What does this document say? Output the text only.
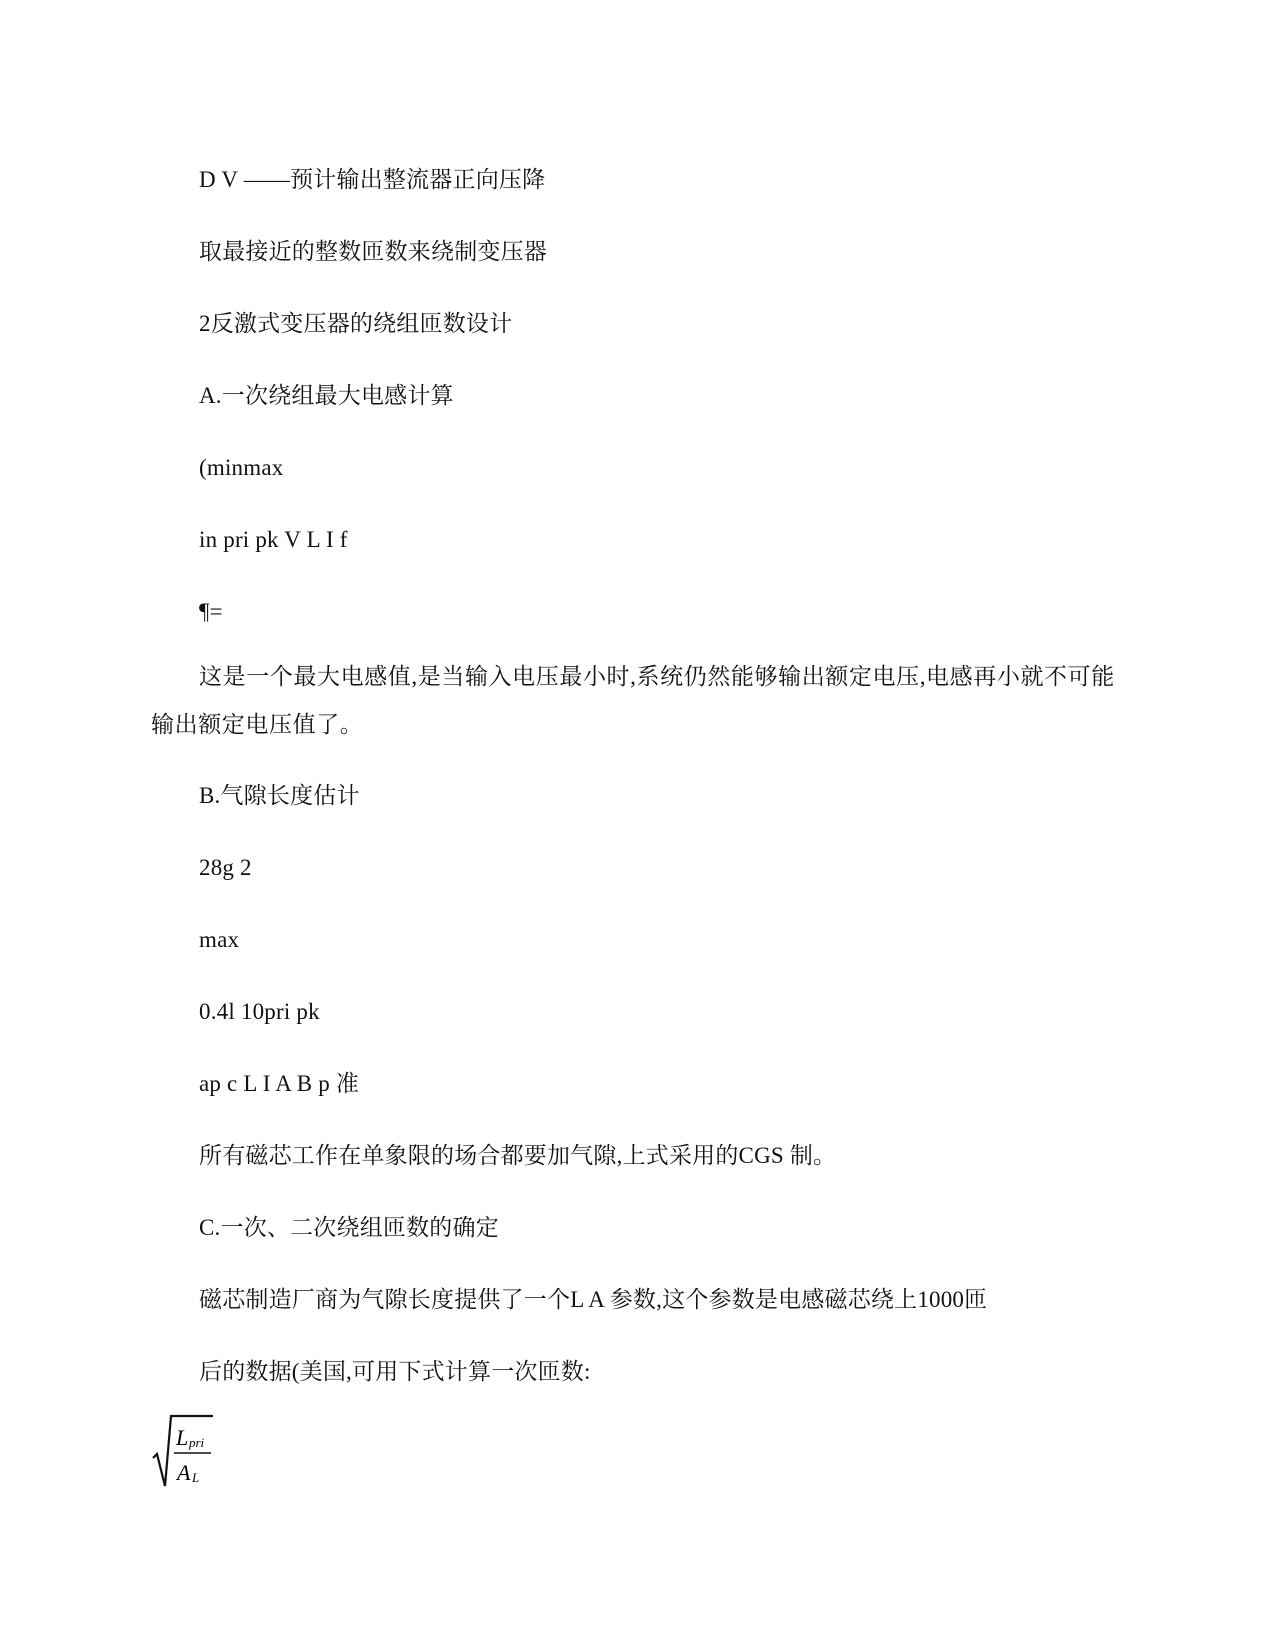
D V ——预计输出整流器正向压降
取最接近的整数匝数来绕制变压器
2反激式变压器的绕组匝数设计
A.一次绕组最大电感计算
(minmax
in pri pk V L I f
¶=
这是一个最大电感值,是当输入电压最小时,系统仍然能够输出额定电压,电感再小就不可能输出额定电压值了。
B.气隙长度估计
28g 2
max
0.4l 10pri pk
ap c L I A B p 准
所有磁芯工作在单象限的场合都要加气隙,上式采用的CGS 制。
C.一次、二次绕组匝数的确定
磁芯制造厂商为气隙长度提供了一个L A 参数,这个参数是电感磁芯绕上1000匝
后的数据(美国,可用下式计算一次匝数:
L pri
A L
